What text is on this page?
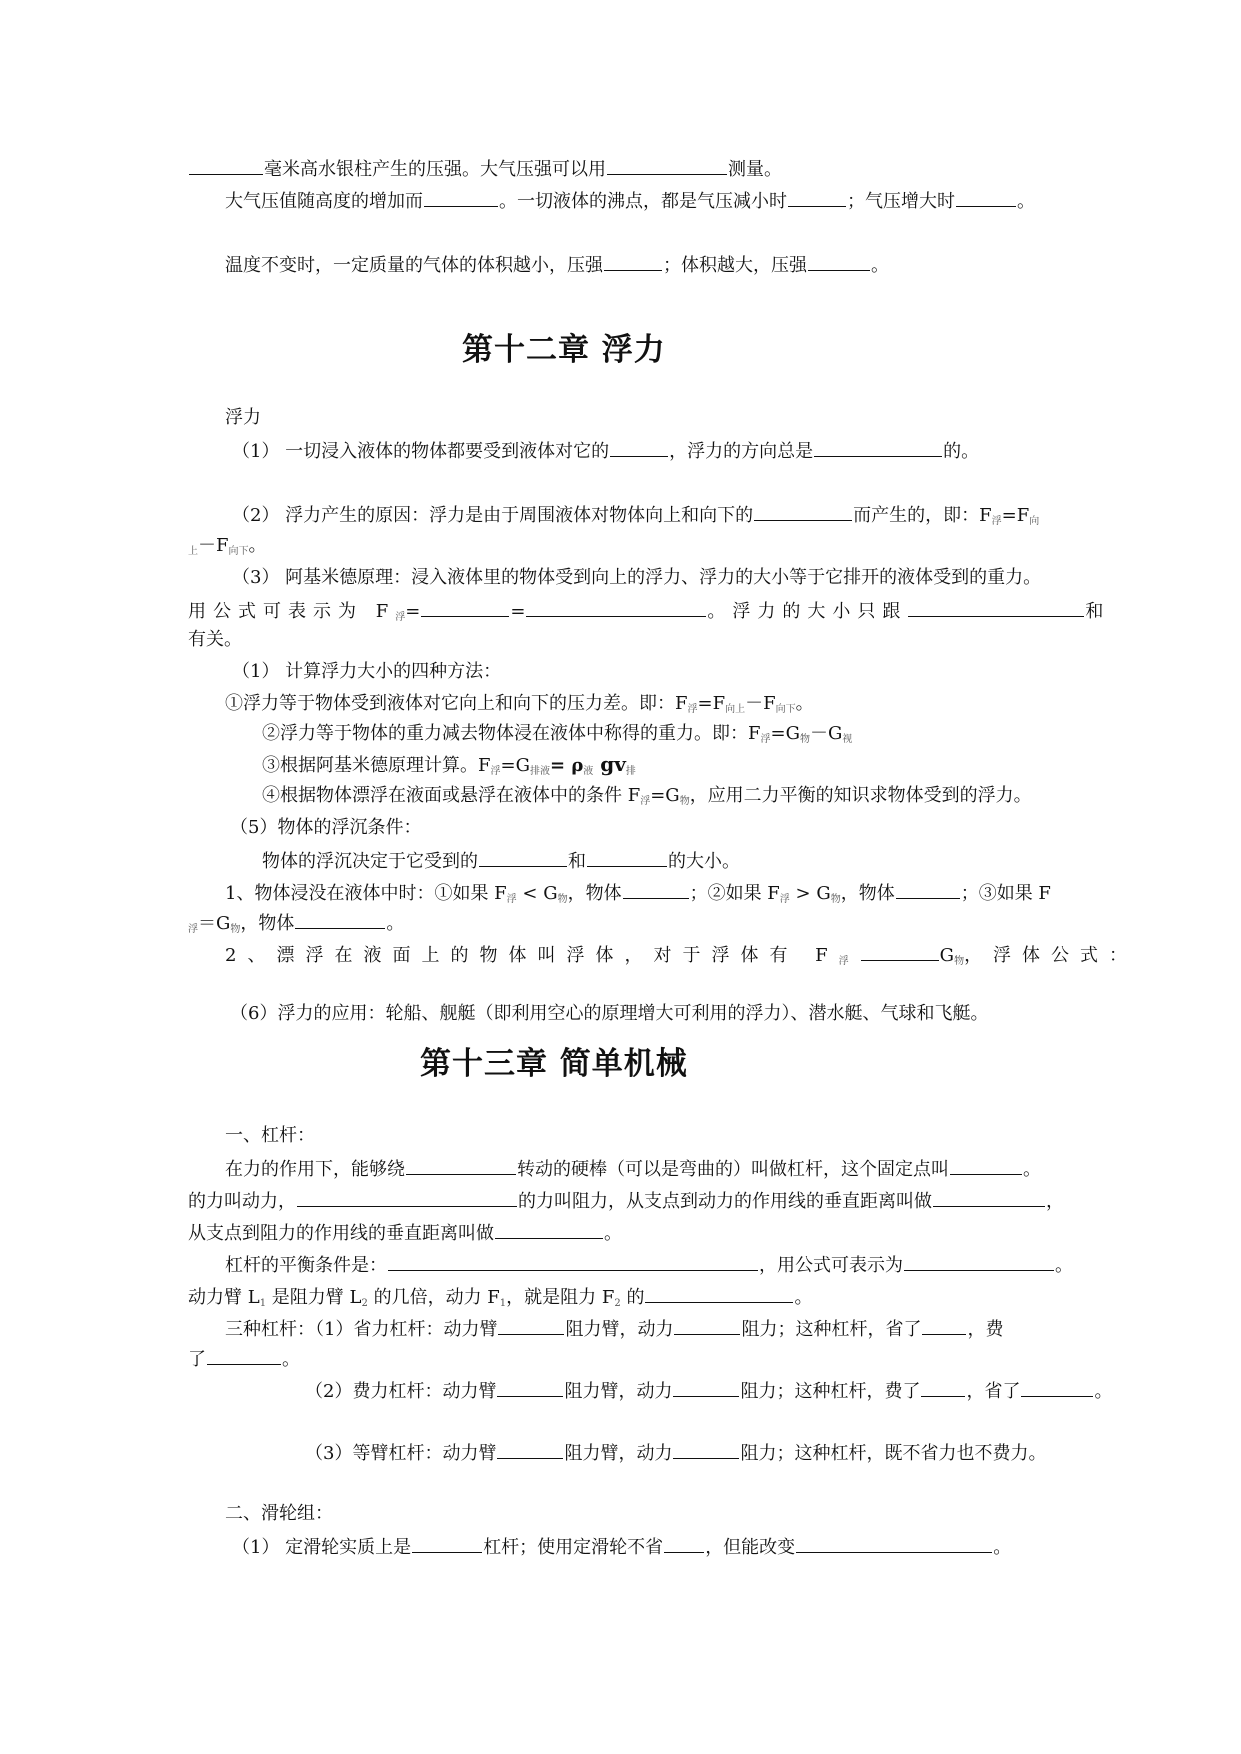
毫米高水银柱产生的压强。大气压强可以用	测量。
大气压值随高度的增加而	。一切液体的沸点，都是气压减小时	；气压增大时	。
温度不变时，一定质量的气体的体积越小，压强	；体积越大，压强	。
第十二章 浮力
浮力
（1） 一切浸入液体的物体都要受到液体对它的	，浮力的方向总是	的。
（2） 浮力产生的原因：浮力是由于周围液体对物体向上和向下的	而产生的，即：$F_浮=F_向$
$_上-F_{向下}$。
（3） 阿基米德原理：浸入液体里的物体受到向上的浮力、浮力的大小等于它排开的液体受到的重力。
用公式可表示为 $F_浮=$	=	。浮力的大小只跟	和
有关。
（1） 计算浮力大小的四种方法：
①浮力等于物体受到液体对它向上和向下的压力差。即：$F_浮=F_{向上}-F_{向下}$。
②浮力等于物体的重力减去物体浸在液体中称得的重力。即：$F_浮=G_物-G_视$
③根据阿基米德原理计算。$F_浮=G_{排液}= \rho_液$ $gv_排$
④根据物体漂浮在液面或悬浮在液体中的条件 $F_浮=G_物$，应用二力平衡的知识求物体受到的浮力。
（5）物体的浮沉条件：
物体的浮沉决定于它受到的	和	的大小。
1、物体浸没在液体中时：①如果 $F_浮 < G_物$，物体	；②如果 $F_浮 > G_物$，物体	；③如果 F
$_浮=G_物$，物体	。
2、漂浮在液面上的物体叫浮体，对于浮体有 $F_浮$	$G_物$，浮体公式：
（6）浮力的应用：轮船、舰艇（即利用空心的原理增大可利用的浮力）、潜水艇、气球和飞艇。
第十三章 简单机械
一、杠杆：
在力的作用下，能够绕	转动的硬棒（可以是弯曲的）叫做杠杆，这个固定点叫	。
的力叫动力，	的力叫阻力，从支点到动力的作用线的垂直距离叫做	，
从支点到阻力的作用线的垂直距离叫做	。
杠杆的平衡条件是：	，用公式可表示为	。
动力臂 $L_1$ 是阻力臂 $L_2$ 的几倍，动力 $F_1$，就是阻力 $F_2$ 的	。
三种杠杆：（1）省力杠杆：动力臂	阻力臂，动力	阻力；这种杠杆，省了	，费
了	。
（2）费力杠杆：动力臂	阻力臂，动力	阻力；这种杠杆，费了	，省了	。
（3）等臂杠杆：动力臂	阻力臂，动力	阻力；这种杠杆，既不省力也不费力。
二、滑轮组：
（1） 定滑轮实质上是	杠杆；使用定滑轮不省 ，但能改变	。
